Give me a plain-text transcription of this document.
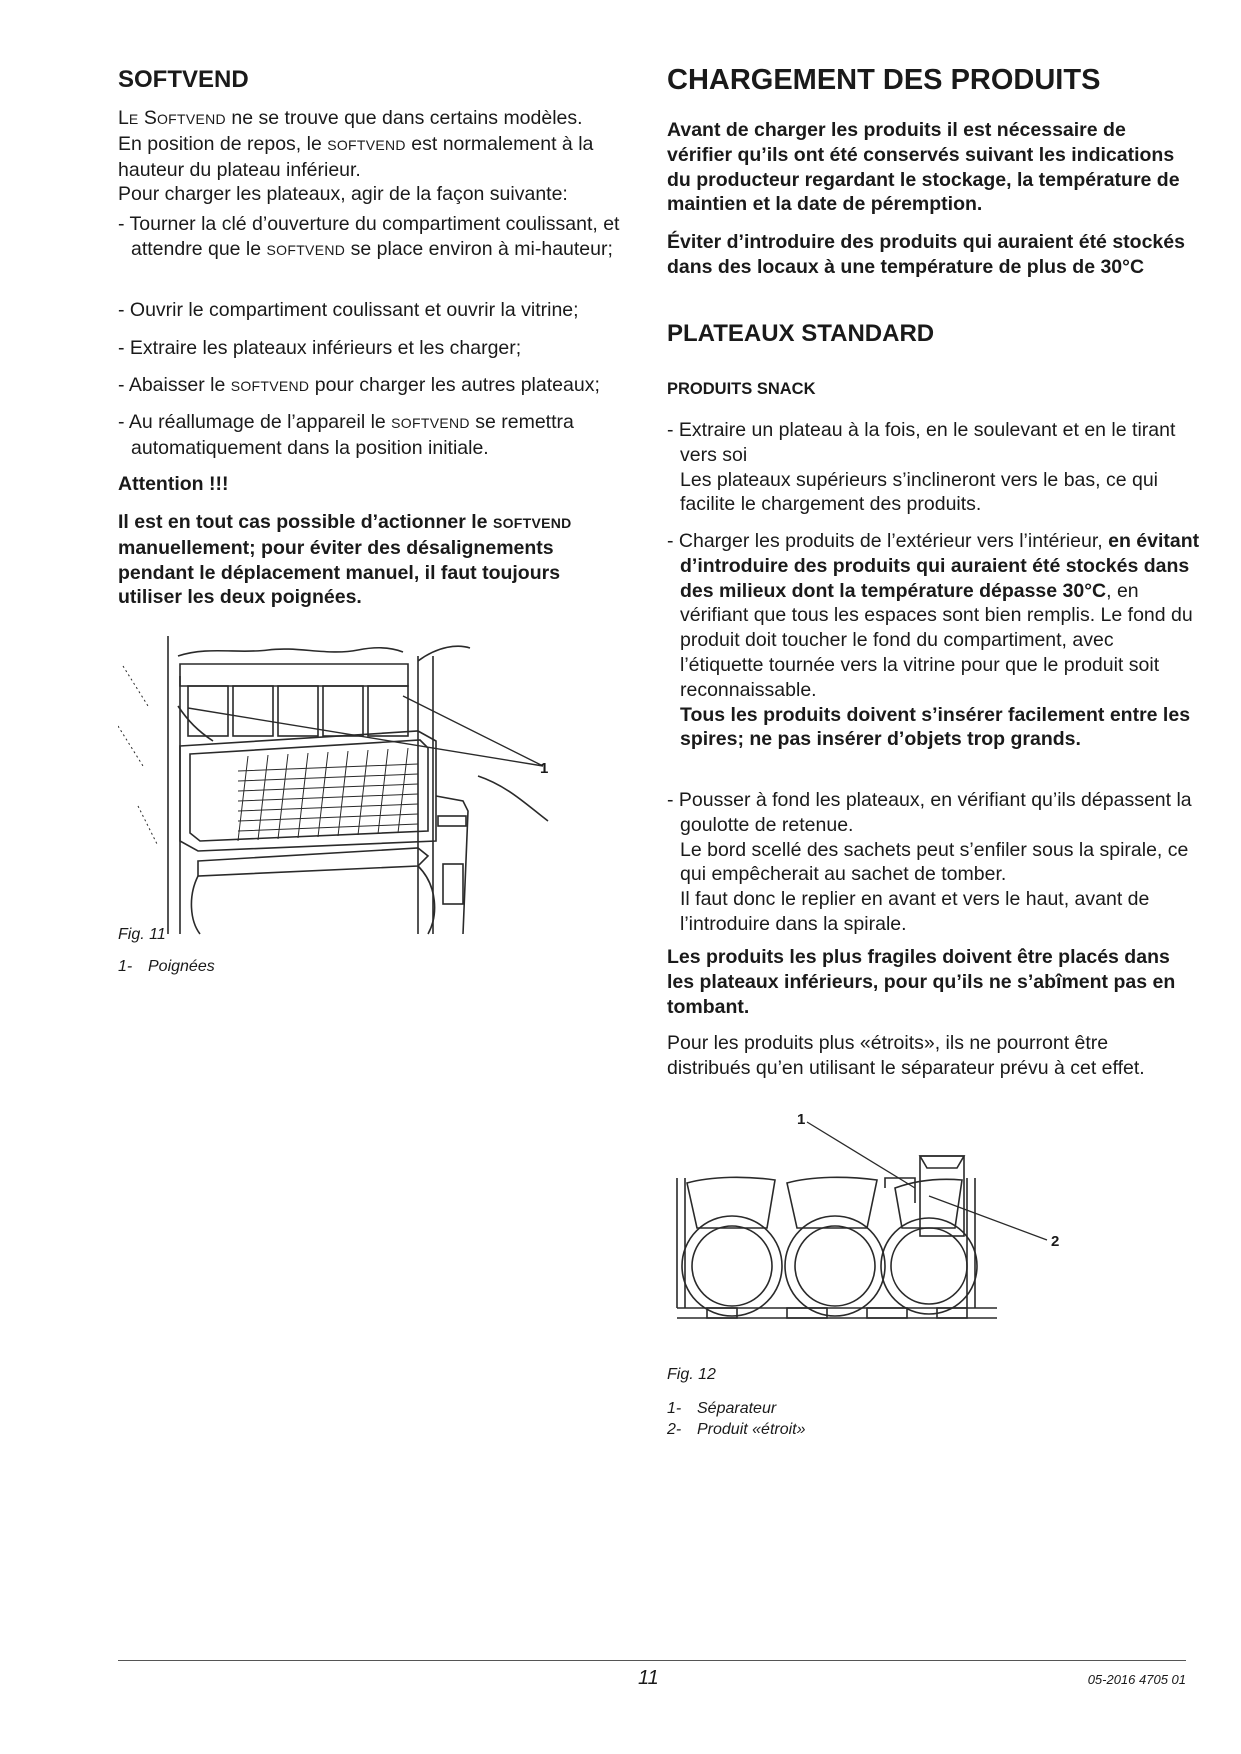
SOFTVEND
LE SOFTVEND ne se trouve que dans certains modèles.
En position de repos, le SOFTVEND est normalement à la hauteur du plateau inférieur.
Pour charger les plateaux, agir de la façon suivante:
- Tourner la clé d’ouverture du compartiment coulissant, et attendre que le SOFTVEND se place environ à mi-hauteur;
- Ouvrir le compartiment coulissant et ouvrir la vitrine;
- Extraire les plateaux inférieurs et les charger;
- Abaisser le SOFTVEND pour charger les autres plateaux;
- Au réallumage de l’appareil le SOFTVEND se remettra automatiquement dans la position initiale.
Attention !!!
Il est en tout cas possible d’actionner le SOFTVEND manuellement; pour éviter des désalignements pendant le déplacement manuel, il faut toujours utiliser les deux poignées.
1
Fig. 11
1- Poignées
CHARGEMENT DES PRODUITS
Avant de charger les produits il est nécessaire de vérifier qu’ils ont été conservés suivant les indications du producteur regardant le stockage, la température de maintien et la date de péremption.
Éviter d’introduire des produits qui auraient été stockés dans des locaux à une température de plus de 30°C
PLATEAUX STANDARD
PRODUITS SNACK
- Extraire un plateau à la fois, en le soulevant et en le tirant vers soi
Les plateaux supérieurs s’inclineront vers le bas, ce qui facilite le chargement des produits.
- Charger les produits de l’extérieur vers l’intérieur, en évitant d’introduire des produits qui auraient été stockés dans des milieux dont la température dépasse 30°C, en vérifiant que tous les espaces sont bien remplis. Le fond du produit doit toucher le fond du compartiment, avec l’étiquette tournée vers la vitrine pour que le produit soit reconnaissable.
Tous les produits doivent s’insérer facilement entre les spires; ne pas insérer d’objets trop grands.
- Pousser à fond les plateaux, en vérifiant qu’ils dépassent la goulotte de retenue.
Le bord scellé des sachets peut s’enfiler sous la spirale, ce qui empêcherait au sachet de tomber.
Il faut donc le replier en avant et vers le haut, avant de l’introduire dans la spirale.
Les produits les plus fragiles doivent être placés dans les plateaux inférieurs, pour qu’ils ne s’abîment pas en tombant.
Pour les produits plus «étroits», ils ne pourront être distribués qu’en utilisant le séparateur prévu à cet effet.
1
2
Fig. 12
1- Séparateur
2- Produit «étroit»
11	05-2016 4705 01
